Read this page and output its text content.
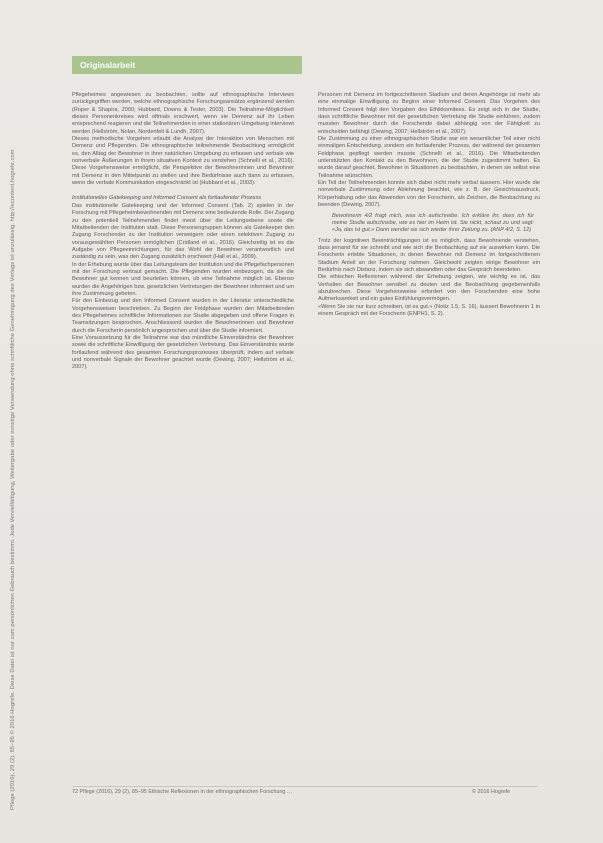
Originalarbeit
Pflege (2016), 29 (2), 85–95 © 2016 Hogrefe. Diese Datei ist nur zum persönlichen Gebrauch bestimmt. Jede Vervielfältigung, Weitergabe oder sonstige Verwendung ohne schriftliche Genehmigung des Verlags ist unzulässig. http://econtent.hogrefe.com

Pflegeheimes angewiesen zu beobachten, sollte auf ethnographische Interviews zurückgegriffen werden, welche ethnographische Forschungsansätze ergänzend werden (Roper & Shapira, 2000; Hubbard, Downs & Tester, 2003). Die Teilnahme-Möglichkeit dieses Personenkreises wird oftmals erschwert, wenn sie Demenz auf ihr Leben entsprechend reagieren und die Teilnehmenden in einer stationären Umgebung interviewt werden (Hellström, Nolan, Nordenfelt & Lundh, 2007).

Dieses methodische Vorgehen erlaubt die Analyse der Interaktion von Menschen mit Demenz und Pflegenden. Die ethnographische teilnehmende Beobachtung ermöglicht es, den Alltag der Bewohner in ihrer natürlichen Umgebung zu erfassen und verbale wie nonverbale Äußerungen in ihrem situativen Kontext zu verstehen (Schnelli et al., 2016). Diese Vorgehensweise ermöglicht, die Perspektive der Bewohnerinnen und Bewohner mit Demenz in den Mittelpunkt zu stellen und ihre Bedürfnisse auch dann zu erfassen, wenn die verbale Kommunikation eingeschränkt ist (Hubbard et al., 2003).

Institutionelles Gatekeeping und Informed Consent als fortlaufender Prozess

Das institutionelle Gatekeeping und der Informed Consent (Tab. 2) spielen in der Forschung mit Pflegeheimbewohnenden mit Demenz eine bedeutende Rolle. Der Zugang zu den potentiell Teilnehmenden findet meist über die Leitungsebene sowie die Mitarbeitenden der Institution statt. Diese Personengruppen können als Gatekeeper den Zugang Forschender zu der Institution verweigern oder einen selektiven Zugang zu vorausgewählten Personen ermöglichen (Cridland et al., 2016). Gleichzeitig ist es die Aufgabe von Pflegeeinrichtungen, für das Wohl der Bewohner verantwortlich und zuständig zu sein, was den Zugang zusätzlich erschwert (Hall et al., 2009).

In der Erhebung wurde über das Leitungsteam der Institution und die Pflegefachpersonen mit der Forschung vertraut gemacht. Die Pflegenden wurden einbezogen, da sie die Bewohner gut kennen und beurteilen können, ob eine Teilnahme möglich ist. Ebenso wurden die Angehörigen bzw. gesetzlichen Vertretungen der Bewohner informiert und um ihre Zustimmung gebeten.

Für den Einbezug und den Informed Consent wurden in der Literatur unterschiedliche Vorgehensweisen beschrieben. Zu Beginn der Feldphase wurden den Mitarbeitenden des Pflegeheimes schriftliche Informationen zur Studie abgegeben und offene Fragen in Teamsitzungen besprochen. Anschliessend wurden die Bewohnerinnen und Bewohner durch die Forscherin persönlich angesprochen und über die Studie informiert.

Eine Voraussetzung für die Teilnahme war das mündliche Einverständnis der Bewohner sowie die schriftliche Einwilligung der gesetzlichen Vertretung. Das Einverständnis wurde fortlaufend während des gesamten Forschungsprozesses überprüft, indem auf verbale und nonverbale Signale der Bewohner geachtet wurde (Dewing, 2007; Hellström et al., 2007).

Personen mit Demenz im fortgeschrittenen Stadium und deren Angehörige ist mehr als eine einmalige Einwilligung zu Beginn einer Informed Consent. Das Vorgehen des Informed Consent folgt den Vorgaben des Ethikkomitees. Es zeigt sich in der Studie, dass schriftliche Bewohner mit der gesetzlichen Vertretung die Studie einführen, zudem mussten Bewohner durch die Forschende dabei abhängig von der Fähigkeit zu entscheiden befähigt (Dewing, 2007; Hellström et al., 2007).

Die Zustimmung zu einer ethnographischen Studie war ein wesentlicher Teil einer nicht einmaligen Entscheidung, sondern ein fortlaufender Prozess, der während der gesamten Feldphase gepflegt werden musste (Schnelli et al., 2016). Die Mitarbeitenden unterstützten den Kontakt zu den Bewohnern, die der Studie zugestimmt hatten. Es wurde darauf geachtet, Bewohner in Situationen zu beobachten, in denen sie selbst eine Teilnahme wünschten.

Ein Teil der Teilnehmenden konnte sich dabei nicht mehr verbal äussern. Hier wurde die nonverbale Zustimmung oder Ablehnung beachtet, wie z. B. der Gesichtsausdruck, Körperhaltung oder das Abwenden von der Forscherin, als Zeichen, die Beobachtung zu beenden (Dewing, 2007).

Bewohnerin 4/2 fragt mich, was ich aufschreibe. Ich erkläre ihr, dass ich für meine Studie aufschreibe, wie es hier im Heim ist. Sie nickt, schaut zu und sagt: «Ja, das ist gut.» Dann wendet sie sich wieder ihrer Zeitung zu. (ANP 4/2, S. 12)

Trotz der kognitiven Beeinträchtigungen ist es möglich, dass Bewohnende verstehen, dass jemand für sie schreibt und wie sich die Beobachtung auf sie auswirken kann. Die Forscherin erlebte Situationen, in denen Bewohner mit Demenz im fortgeschrittenen Stadium Anteil an der Forschung nahmen. Gleichwohl zeigten einige Bewohner ein Bedürfnis nach Distanz, indem sie sich abwandten oder das Gespräch beendeten.

Die ethischen Reflexionen während der Erhebung zeigten, wie wichtig es ist, das Verhalten der Bewohner sensibel zu deuten und die Beobachtung gegebenenfalls abzubrechen. Diese Vorgehensweise erfordert von den Forschenden eine hohe Aufmerksamkeit und ein gutes Einfühlungsvermögen.

«Wenn Sie sie nur kurz schreiben, ist es gut.» (Notiz 1.5, S. 16), äussert Bewohnerin 1 in einem Gespräch mit der Forscherin (ENPH1, S. 2).

72 Pflege (2016), 29 (2), 85–95 Ethische Reflexionen in der ethnographischen Forschung …	© 2016 Hogrefe
